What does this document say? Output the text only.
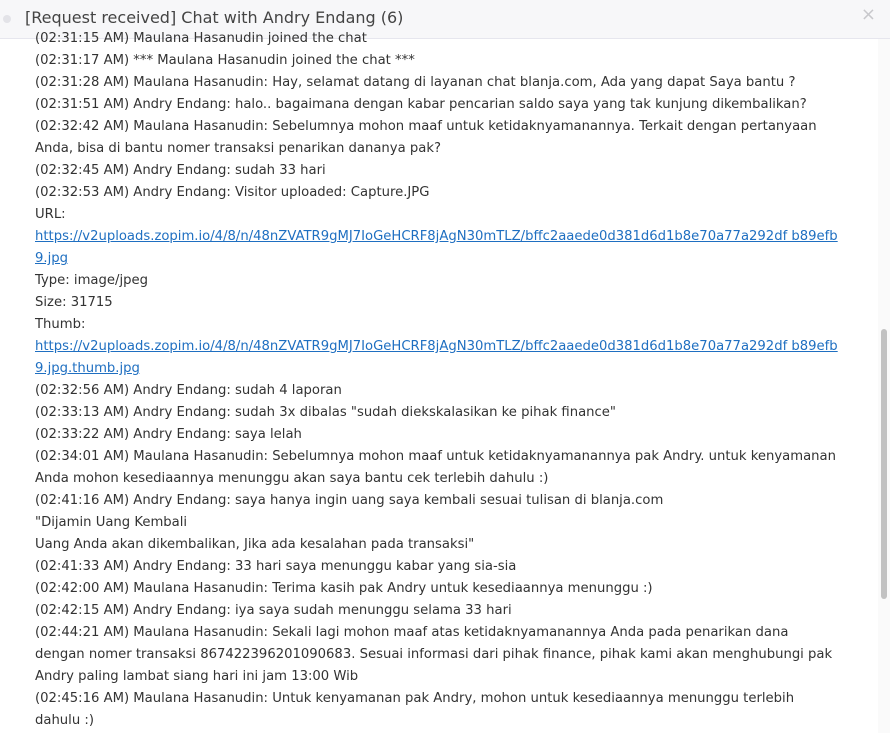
[Request received] Chat with Andry Endang (6)	×
(02:31:15 AM) Maulana Hasanudin joined the chat
(02:31:17 AM) *** Maulana Hasanudin joined the chat ***
(02:31:28 AM) Maulana Hasanudin: Hay, selamat datang di layanan chat blanja.com, Ada yang dapat Saya bantu ?
(02:31:51 AM) Andry Endang: halo.. bagaimana dengan kabar pencarian saldo saya yang tak kunjung dikembalikan?
(02:32:42 AM) Maulana Hasanudin: Sebelumnya mohon maaf untuk ketidaknyamanannya. Terkait dengan pertanyaan Anda, bisa di bantu nomer transaksi penarikan dananya pak?
(02:32:45 AM) Andry Endang: sudah 33 hari
(02:32:53 AM) Andry Endang: Visitor uploaded: Capture.JPG
URL:
https://v2uploads.zopim.io/4/8/n/48nZVATR9gMJ7IoGeHCRF8jAgN30mTLZ/bffc2aaede0d381d6d1b8e70a77a292df b89efb9.jpg
Type: image/jpeg
Size: 31715
Thumb:
https://v2uploads.zopim.io/4/8/n/48nZVATR9gMJ7IoGeHCRF8jAgN30mTLZ/bffc2aaede0d381d6d1b8e70a77a292df b89efb9.jpg.thumb.jpg
(02:32:56 AM) Andry Endang: sudah 4 laporan
(02:33:13 AM) Andry Endang: sudah 3x dibalas "sudah diekskalasikan ke pihak finance"
(02:33:22 AM) Andry Endang: saya lelah
(02:34:01 AM) Maulana Hasanudin: Sebelumnya mohon maaf untuk ketidaknyamanannya pak Andry. untuk kenyamanan Anda mohon kesediaannya menunggu akan saya bantu cek terlebih dahulu :)
(02:41:16 AM) Andry Endang: saya hanya ingin uang saya kembali sesuai tulisan di blanja.com
"Dijamin Uang Kembali
Uang Anda akan dikembalikan, Jika ada kesalahan pada transaksi"
(02:41:33 AM) Andry Endang: 33 hari saya menunggu kabar yang sia-sia
(02:42:00 AM) Maulana Hasanudin: Terima kasih pak Andry untuk kesediaannya menunggu :)
(02:42:15 AM) Andry Endang: iya saya sudah menunggu selama 33 hari
(02:44:21 AM) Maulana Hasanudin: Sekali lagi mohon maaf atas ketidaknyamanannya Anda pada penarikan dana dengan nomer transaksi 867422396201090683. Sesuai informasi dari pihak finance, pihak kami akan menghubungi pak Andry paling lambat siang hari ini jam 13:00 Wib
(02:45:16 AM) Maulana Hasanudin: Untuk kenyamanan pak Andry, mohon untuk kesediaannya menunggu terlebih dahulu :)
